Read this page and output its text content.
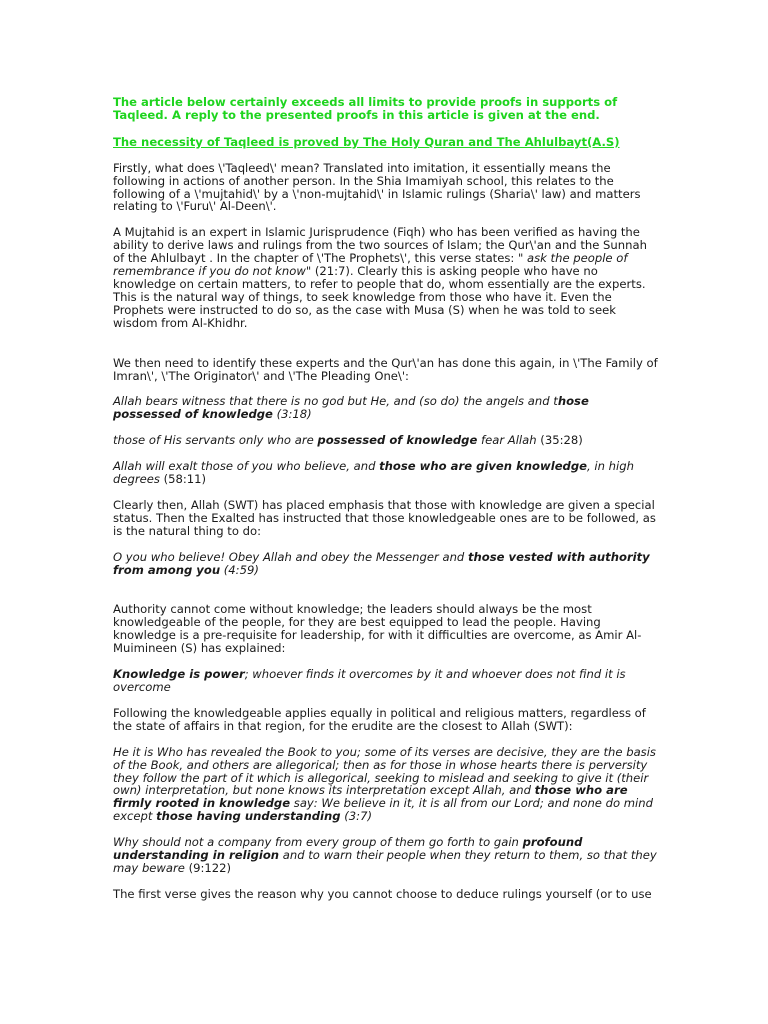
The article below certainly exceeds all limits to provide proofs in supports of Taqleed. A reply to the presented proofs in this article is given at the end.

The necessity of Taqleed is proved by The Holy Quran and The Ahlulbayt(A.S)

Firstly, what does \'Taqleed\' mean? Translated into imitation, it essentially means the following in actions of another person. In the Shia Imamiyah school, this relates to the following of a \'mujtahid\' by a \'non-mujtahid\' in Islamic rulings (Sharia\' law) and matters relating to \'Furu\' Al-Deen\'.

A Mujtahid is an expert in Islamic Jurisprudence (Fiqh) who has been verified as having the ability to derive laws and rulings from the two sources of Islam; the Qur\'an and the Sunnah of the Ahlulbayt . In the chapter of \'The Prophets\', this verse states: " ask the people of remembrance if you do not know" (21:7). Clearly this is asking people who have no knowledge on certain matters, to refer to people that do, whom essentially are the experts. This is the natural way of things, to seek knowledge from those who have it. Even the Prophets were instructed to do so, as the case with Musa (S) when he was told to seek wisdom from Al-Khidhr.

We then need to identify these experts and the Qur\'an has done this again, in \'The Family of Imran\', \'The Originator\' and \'The Pleading One\':

Allah bears witness that there is no god but He, and (so do) the angels and those possessed of knowledge (3:18)

those of His servants only who are possessed of knowledge fear Allah (35:28)

Allah will exalt those of you who believe, and those who are given knowledge, in high degrees (58:11)

Clearly then, Allah (SWT) has placed emphasis that those with knowledge are given a special status. Then the Exalted has instructed that those knowledgeable ones are to be followed, as is the natural thing to do:

O you who believe! Obey Allah and obey the Messenger and those vested with authority from among you (4:59)

Authority cannot come without knowledge; the leaders should always be the most knowledgeable of the people, for they are best equipped to lead the people. Having knowledge is a pre-requisite for leadership, for with it difficulties are overcome, as Amir Al-Muimineen (S) has explained:

Knowledge is power; whoever finds it overcomes by it and whoever does not find it is overcome

Following the knowledgeable applies equally in political and religious matters, regardless of the state of affairs in that region, for the erudite are the closest to Allah (SWT):

He it is Who has revealed the Book to you; some of its verses are decisive, they are the basis of the Book, and others are allegorical; then as for those in whose hearts there is perversity they follow the part of it which is allegorical, seeking to mislead and seeking to give it (their own) interpretation, but none knows its interpretation except Allah, and those who are firmly rooted in knowledge say: We believe in it, it is all from our Lord; and none do mind except those having understanding (3:7)

Why should not a company from every group of them go forth to gain profound understanding in religion and to warn their people when they return to them, so that they may beware (9:122)

The first verse gives the reason why you cannot choose to deduce rulings yourself (or to use
